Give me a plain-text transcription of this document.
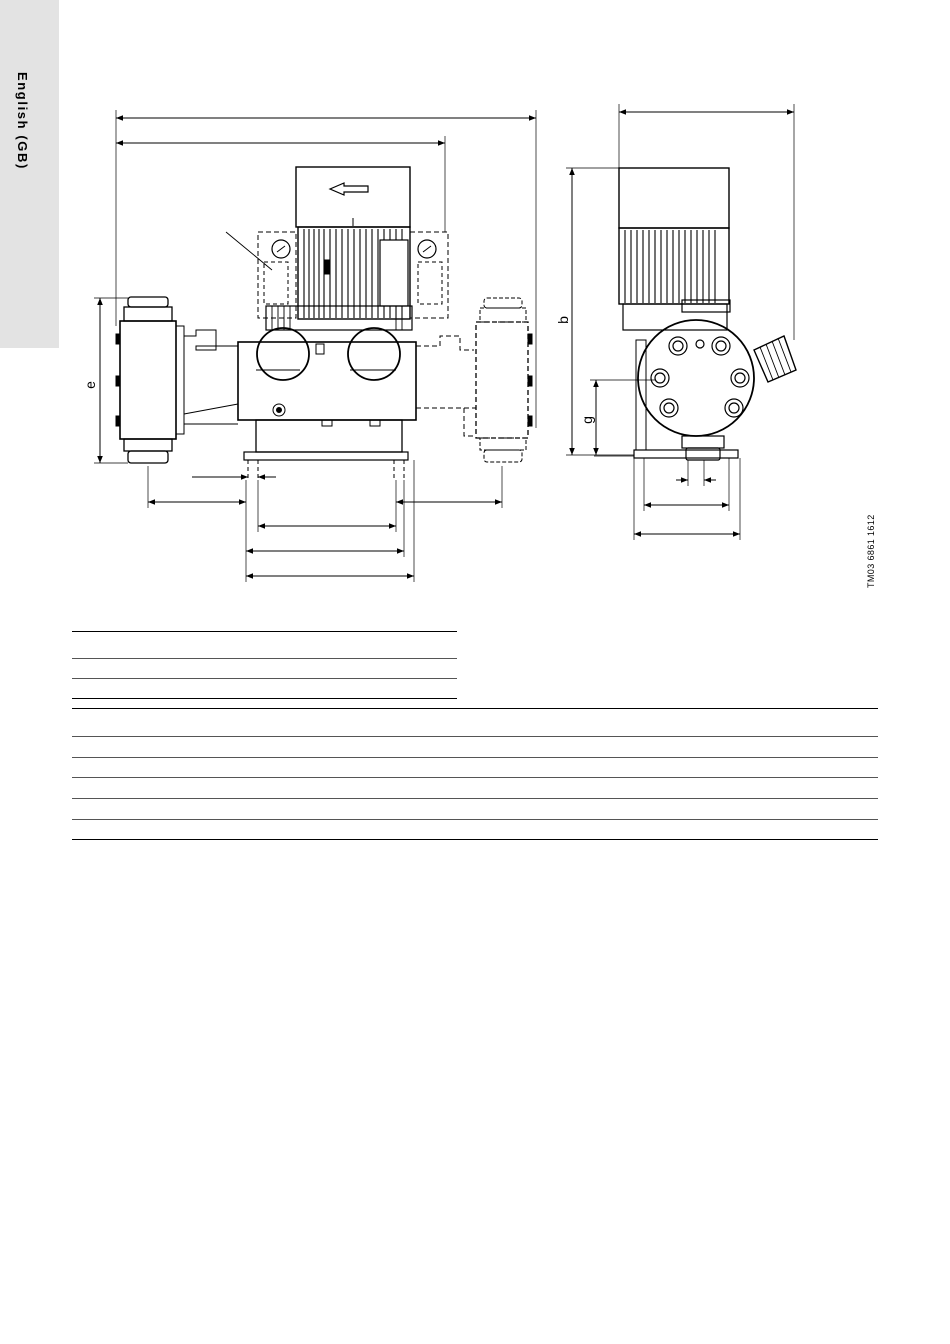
English (GB)
e
b
g
TM03 6861 1612
